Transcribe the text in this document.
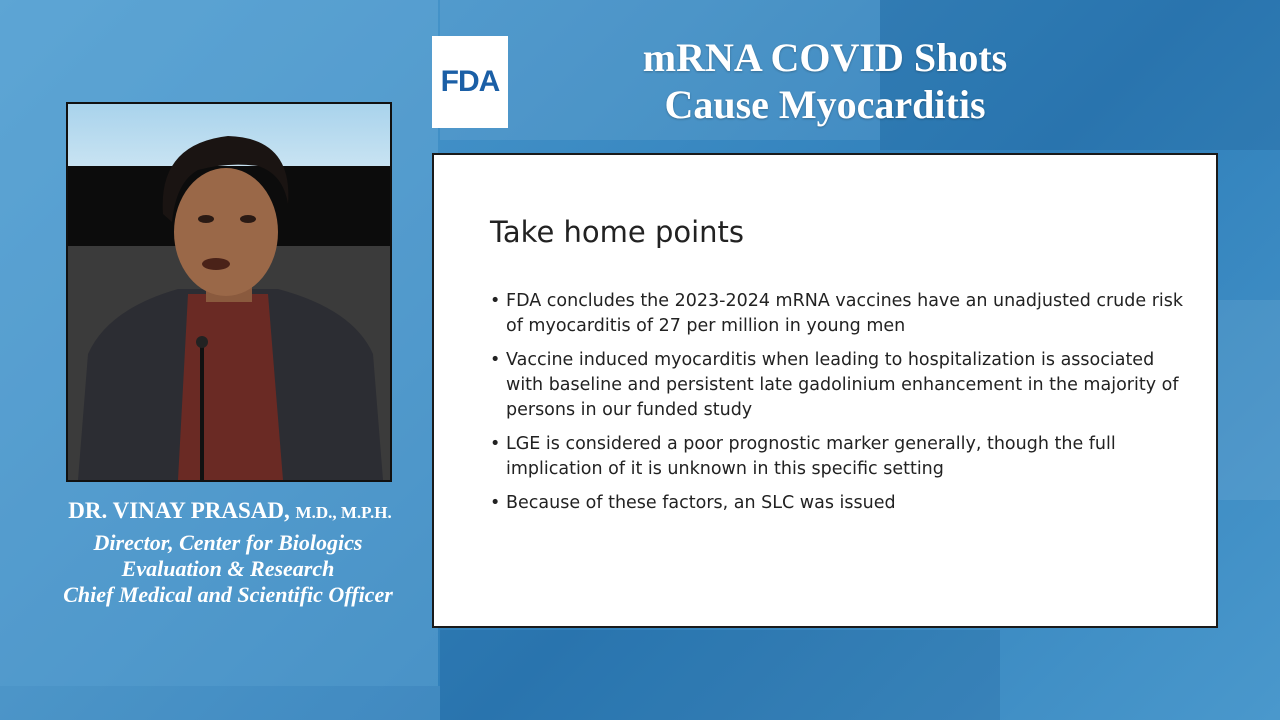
FDA
mRNA COVID Shots
Cause Myocarditis
DR. VINAY PRASAD, M.D., M.P.H.
Director, Center for Biologics
Evaluation & Research
Chief Medical and Scientific Officer
Take home points
• FDA concludes the 2023-2024 mRNA vaccines have an unadjusted crude risk of myocarditis of 27 per million in young men
• Vaccine induced myocarditis when leading to hospitalization is associated with baseline and persistent late gadolinium enhancement in the majority of persons in our funded study
• LGE is considered a poor prognostic marker generally, though the full implication of it is unknown in this specific setting
• Because of these factors, an SLC was issued
